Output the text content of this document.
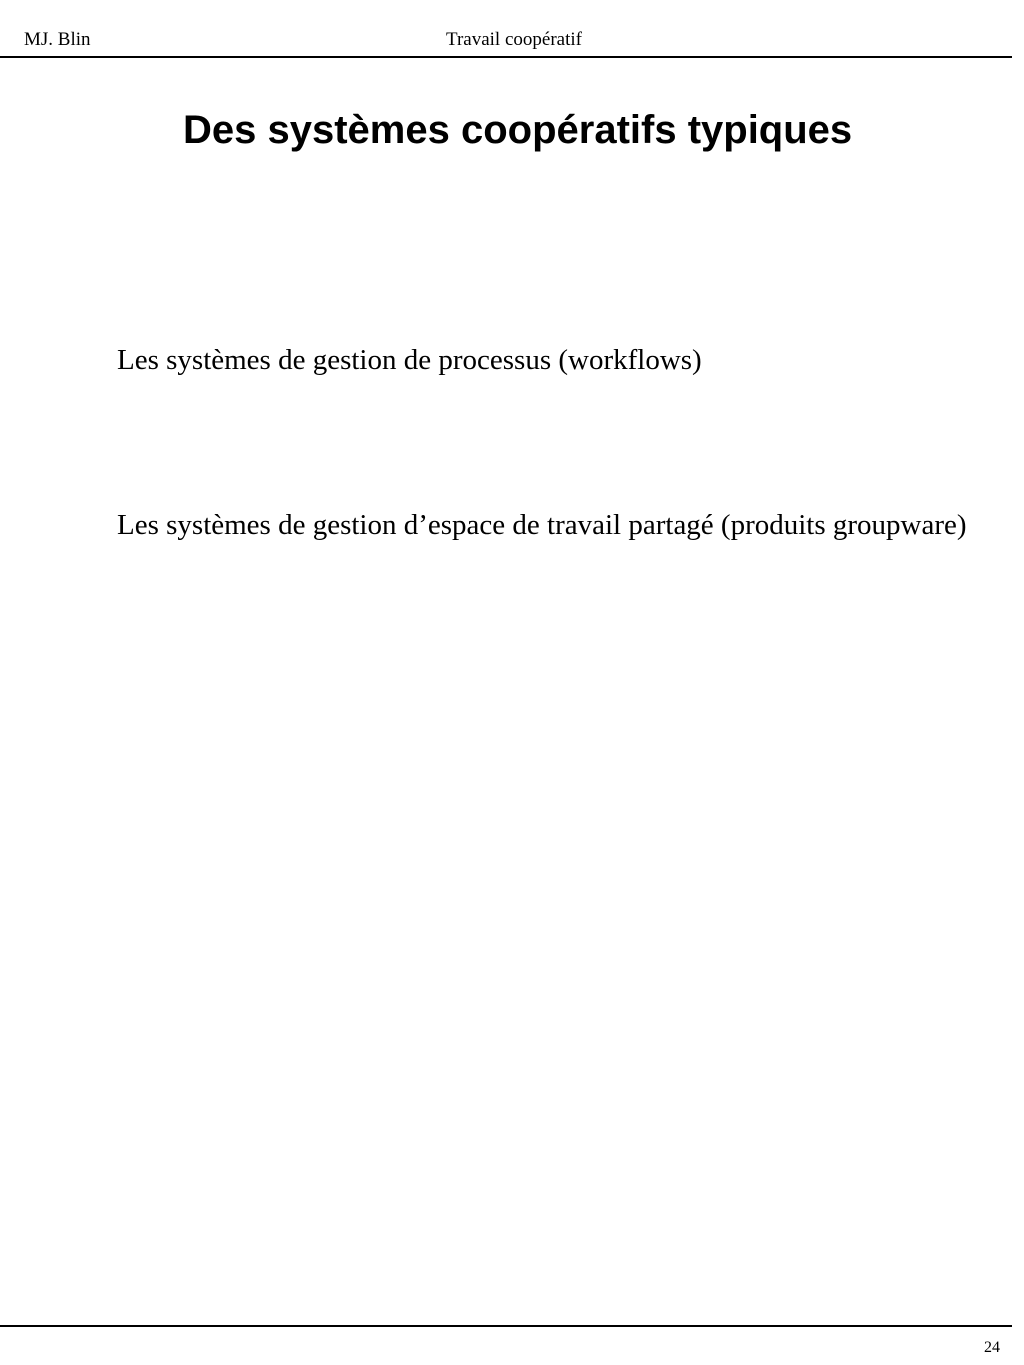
MJ. Blin	Travail coopératif
Des systèmes coopératifs typiques

Les systèmes de gestion de processus (workflows)

Les systèmes de gestion d’espace de travail partagé (produits groupware)

24
